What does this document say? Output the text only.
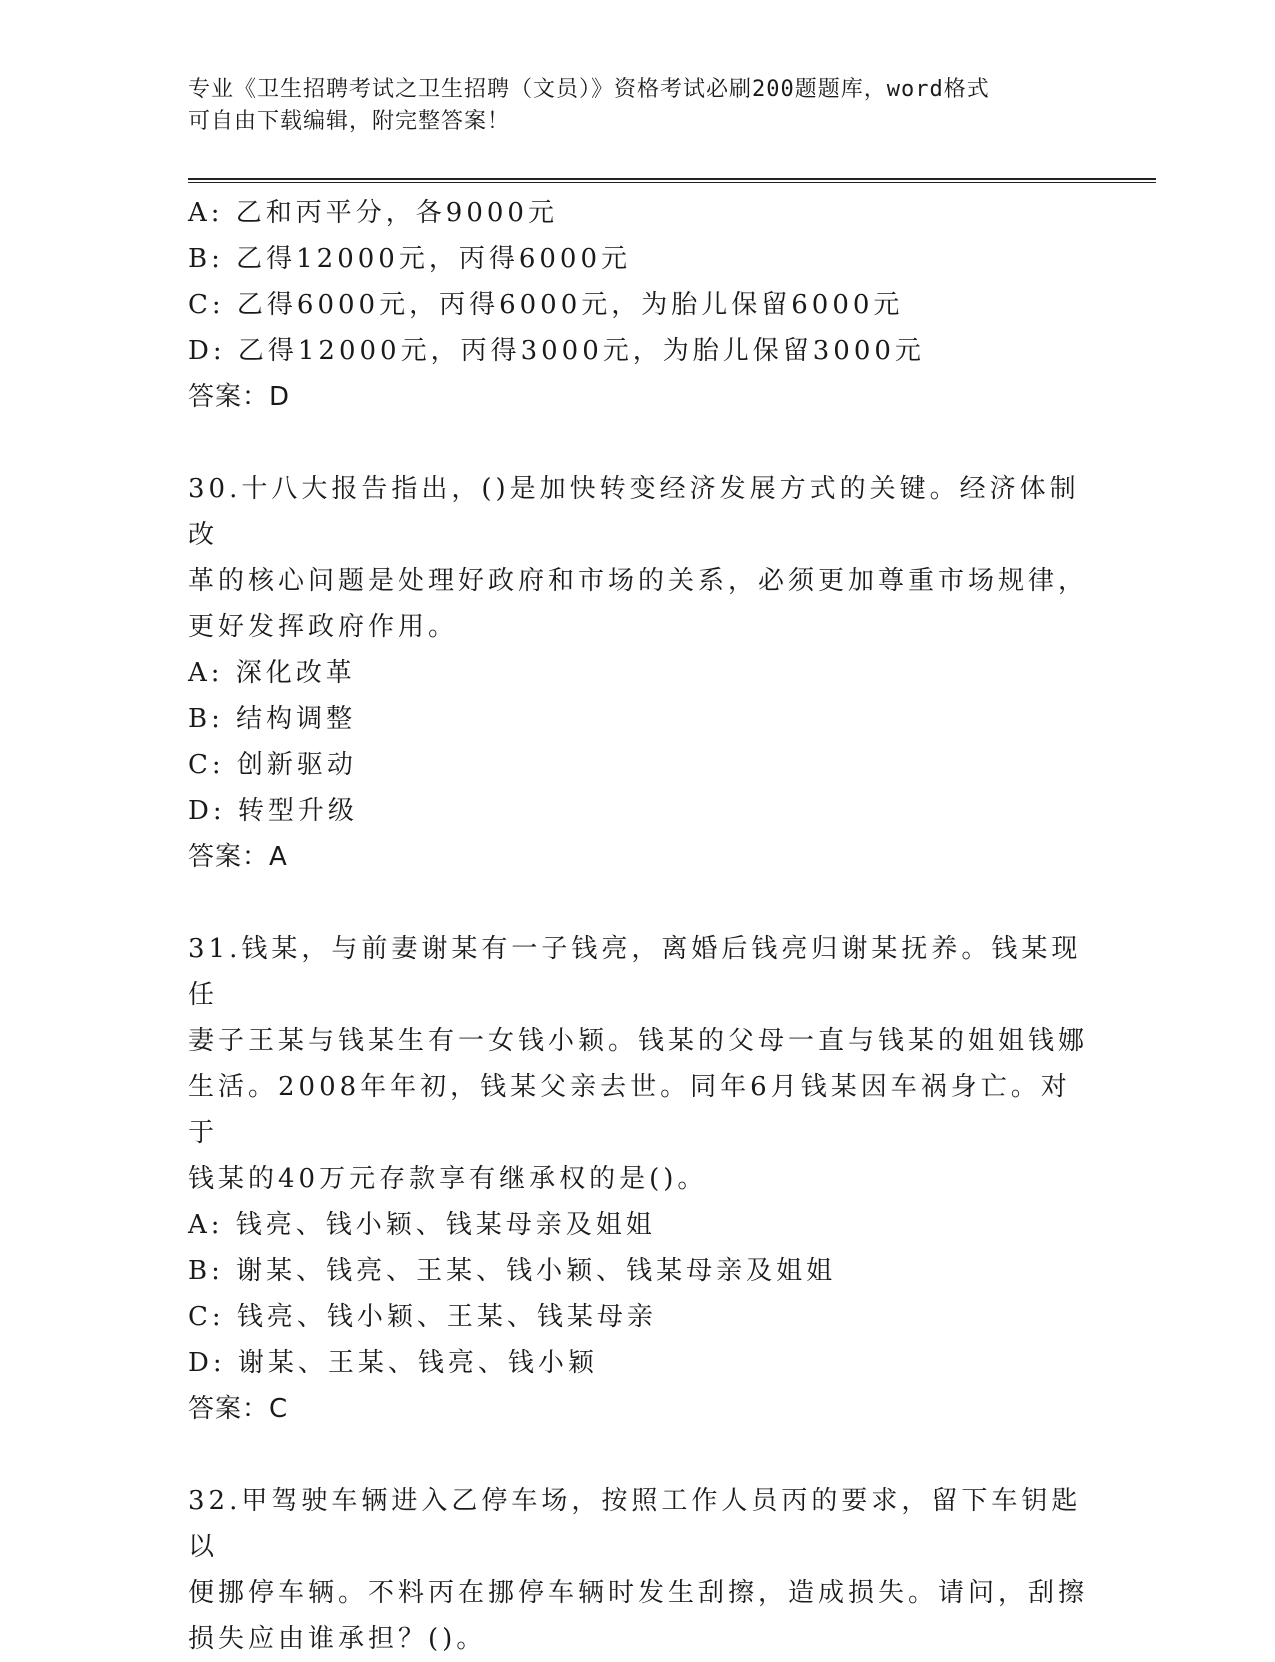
专业《卫生招聘考试之卫生招聘（文员）》资格考试必刷200题题库，word格式
可自由下载编辑，附完整答案！
A: 乙和丙平分，各9000元
B: 乙得12000元，丙得6000元
C: 乙得6000元，丙得6000元，为胎儿保留6000元
D: 乙得12000元，丙得3000元，为胎儿保留3000元
答案：D
30.十八大报告指出，()是加快转变经济发展方式的关键。经济体制改
革的核心问题是处理好政府和市场的关系，必须更加尊重市场规律，
更好发挥政府作用。
A: 深化改革
B: 结构调整
C: 创新驱动
D: 转型升级
答案：A
31.钱某，与前妻谢某有一子钱亮，离婚后钱亮归谢某抚养。钱某现任
妻子王某与钱某生有一女钱小颖。钱某的父母一直与钱某的姐姐钱娜
生活。2008年年初，钱某父亲去世。同年6月钱某因车祸身亡。对于
钱某的40万元存款享有继承权的是()。
A: 钱亮、钱小颖、钱某母亲及姐姐
B: 谢某、钱亮、王某、钱小颖、钱某母亲及姐姐
C: 钱亮、钱小颖、王某、钱某母亲
D: 谢某、王某、钱亮、钱小颖
答案：C
32.甲驾驶车辆进入乙停车场，按照工作人员丙的要求，留下车钥匙以
便挪停车辆。不料丙在挪停车辆时发生刮擦，造成损失。请问，刮擦
损失应由谁承担？()。
